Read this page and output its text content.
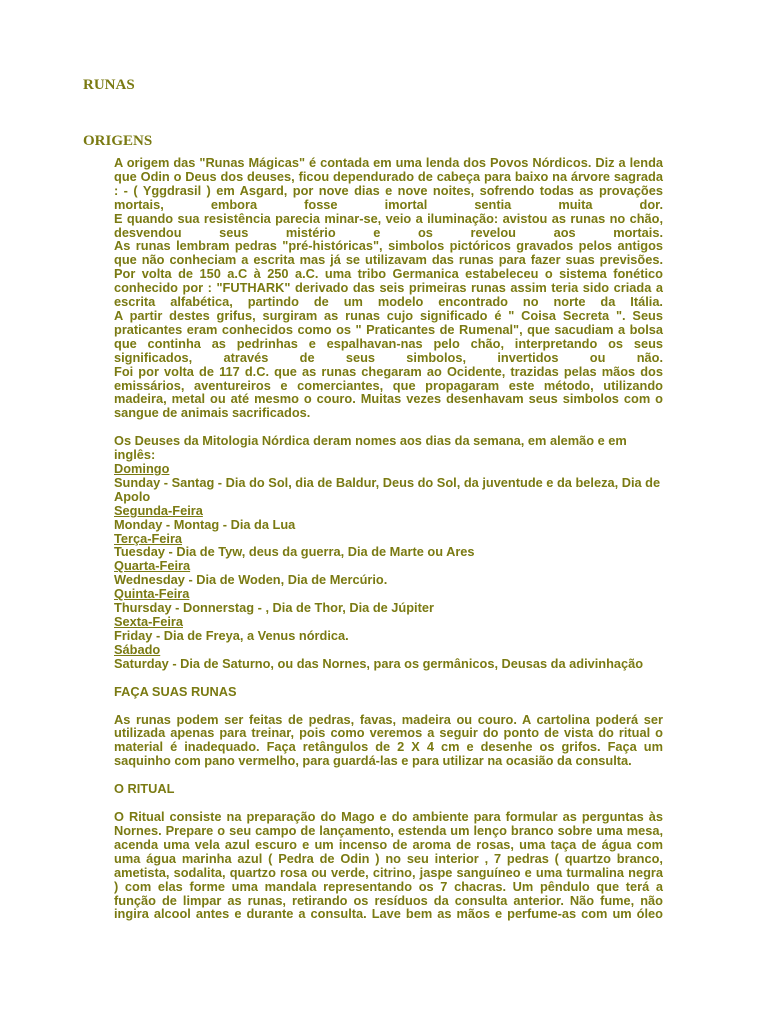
RUNAS
ORIGENS

A origem das "Runas Mágicas" é contada em uma lenda dos Povos Nórdicos. Diz a lenda que Odin o Deus dos deuses, ficou dependurado de cabeça para baixo na árvore sagrada : - ( Yggdrasil ) em Asgard, por nove dias e nove noites, sofrendo todas as provações mortais, embora fosse imortal sentia muita dor.

E quando sua resistência parecia minar-se, veio a iluminação: avistou as runas no chão, desvendou seus mistério e os revelou aos mortais.

As runas lembram pedras "pré-históricas", simbolos pictóricos gravados pelos antigos que não conheciam a escrita mas já se utilizavam das runas para fazer suas previsões. Por volta de 150 a.C à 250 a.C. uma tribo Germanica estabeleceu o sistema fonético conhecido por : "FUTHARK" derivado das seis primeiras runas assim teria sido criada a escrita alfabética, partindo de um modelo encontrado no norte da Itália.

A partir destes grifus, surgiram as runas cujo significado é " Coisa Secreta ". Seus praticantes eram conhecidos como os " Praticantes de Rumenal", que sacudiam a bolsa que continha as pedrinhas e espalhavan-nas pelo chão, interpretando os seus significados, através de seus simbolos, invertidos ou não.

Foi por volta de 117 d.C. que as runas chegaram ao Ocidente, trazidas pelas mãos dos emissários, aventureiros e comerciantes, que propagaram este método, utilizando madeira, metal ou até mesmo o couro. Muitas vezes desenhavam seus simbolos com o sangue de animais sacrificados.

Os Deuses da Mitologia Nórdica deram nomes aos dias da semana, em alemão e em inglês:

Domingo
Sunday - Santag - Dia do Sol, dia de Baldur, Deus do Sol, da juventude e da beleza, Dia de Apolo
Segunda-Feira
Monday - Montag - Dia da Lua
Terça-Feira
Tuesday - Dia de Tyw, deus da guerra, Dia de Marte ou Ares
Quarta-Feira
Wednesday - Dia de Woden, Dia de Mercúrio.
Quinta-Feira
Thursday - Donnerstag - , Dia de Thor, Dia de Júpiter
Sexta-Feira
Friday - Dia de Freya, a Venus nórdica.
Sábado
Saturday - Dia de Saturno, ou das Nornes, para os germânicos, Deusas da adivinhação

FAÇA SUAS RUNAS

As runas podem ser feitas de pedras, favas, madeira ou couro. A cartolina poderá ser utilizada apenas para treinar, pois como veremos a seguir do ponto de vista do ritual o material é inadequado. Faça retângulos de 2 X 4 cm e desenhe os grifos. Faça um saquinho com pano vermelho, para guardá-las e para utilizar na ocasião da consulta.

O RITUAL

O Ritual consiste na preparação do Mago e do ambiente para formular as perguntas às Nornes. Prepare o seu campo de lançamento, estenda um lenço branco sobre uma mesa, acenda uma vela azul escuro e um incenso de aroma de rosas, uma taça de água com uma água marinha azul ( Pedra de Odin ) no seu interior , 7 pedras ( quartzo branco, ametista, sodalita, quartzo rosa ou verde, citrino, jaspe sanguíneo e uma turmalina negra ) com elas forme uma mandala representando os 7 chacras. Um pêndulo que terá a função de limpar as runas, retirando os resíduos da consulta anterior. Não fume, não ingira alcool antes e durante a consulta. Lave bem as mãos e perfume-as com um óleo
